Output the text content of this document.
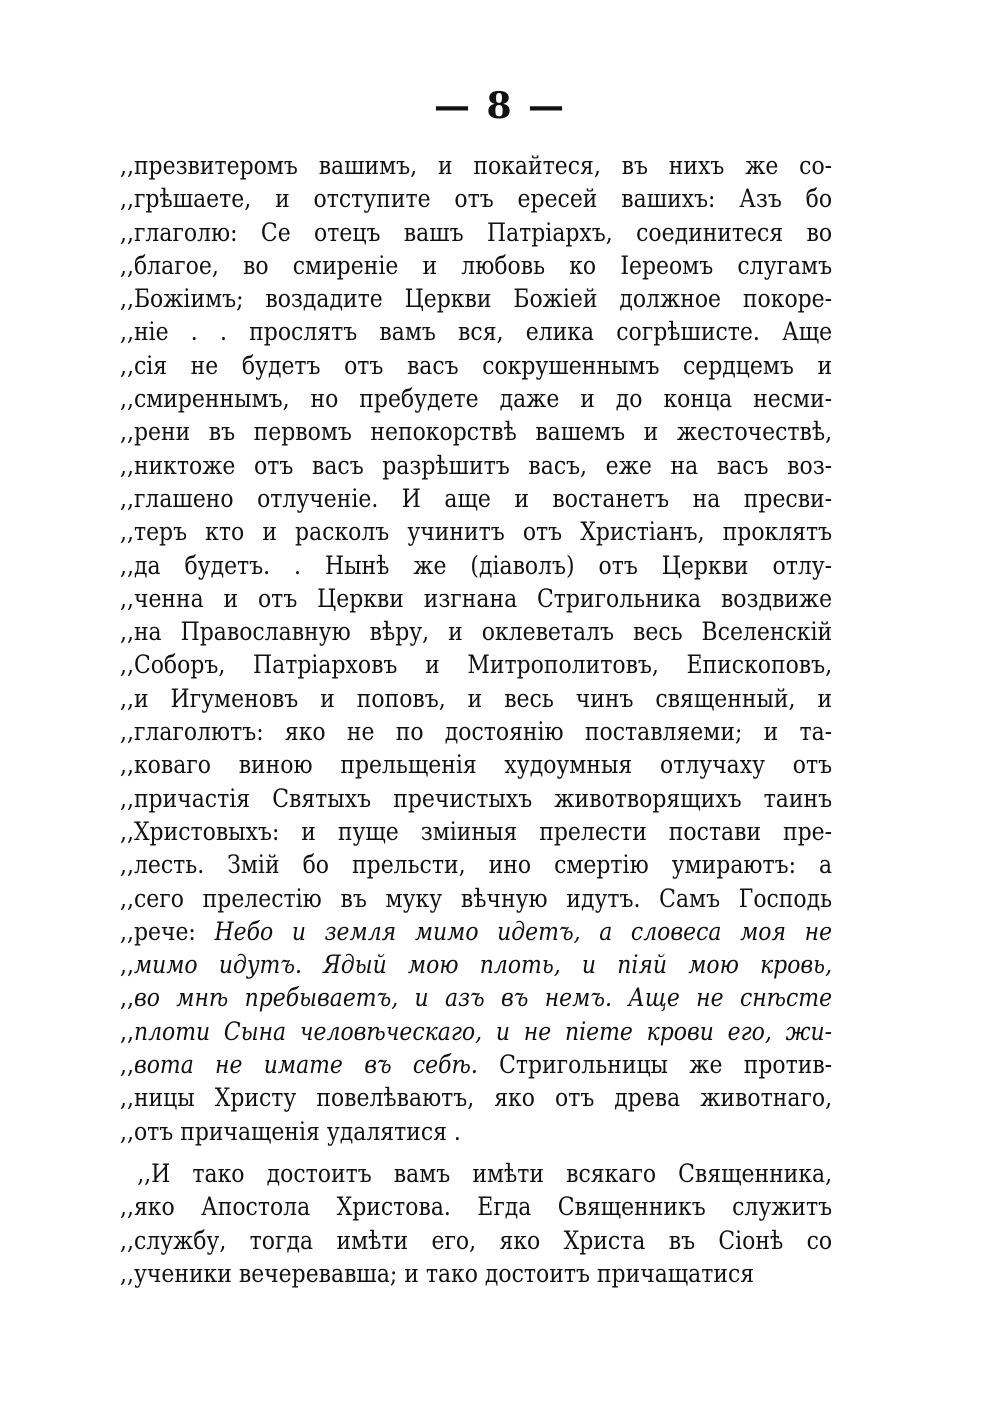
— 8 —
,,презвитеромъ вашимъ, и покайтеся, въ нихъ же со-
,,грѣшаете, и отступите отъ ересей вашихъ: Азъ бо
,,глаголю: Се отецъ вашъ Патріархъ, соединитеся во
,,благое, во смиреніе и любовь ко Іереомъ слугамъ
,,Божіимъ; воздадите Церкви Божіей должное покоре-
,,ніе . . прослятъ вамъ вся, елика согрѣшисте. Аще
,,сія не будетъ отъ васъ сокрушеннымъ сердцемъ и
,,смиреннымъ, но пребудете даже и до конца несми-
,,рени въ первомъ непокорствѣ вашемъ и жесточествѣ,
,,никтоже отъ васъ разрѣшитъ васъ, еже на васъ воз-
,,глашено отлученіе. И аще и востанетъ на пресви-
,,теръ кто и расколъ учинитъ отъ Христіанъ, проклятъ
,,да будетъ. . Нынѣ же (діаволъ) отъ Церкви отлу-
,,ченна и отъ Церкви изгнана Стригольника воздвиже
,,на Православную вѣру, и оклеветалъ весь Вселенскій
,,Соборъ, Патріарховъ и Митрополитовъ, Епископовъ,
,,и Игуменовъ и поповъ, и весь чинъ священный, и
,,глаголютъ: яко не по достоянію поставляеми; и та-
,,коваго виною прельщенія худоумныя отлучаху отъ
,,причастія Святыхъ пречистыхъ животворящихъ таинъ
,,Христовыхъ: и пуще зміиныя прелести постави пре-
,,лесть. Змій бо прельсти, ино смертію умираютъ: а
,,сего прелестію въ муку вѣчную идутъ. Самъ Господь
,,рече: Небо и земля мимо идетъ, а словеса моя не
,,мимо идутъ. Ядый мою плоть, и піяй мою кровь,
,,во мнѣ пребываетъ, и азъ въ немъ. Аще не снѣсте
,,плоти Сына человѣческаго, и не піете крови его, жи-
,,вота не имате въ себѣ. Стригольницы же против-
,,ницы Христу повелѣваютъ, яко отъ древа животнаго,
,,отъ причащенія удалятися .
,,И тако достоитъ вамъ имѣти всякаго Священника,
,,яко Апостола Христова. Егда Священникъ служитъ
,,службу, тогда имѣти его, яко Христа въ Сіонѣ со
,,ученики вечеревавша; и тако достоитъ причащатися
